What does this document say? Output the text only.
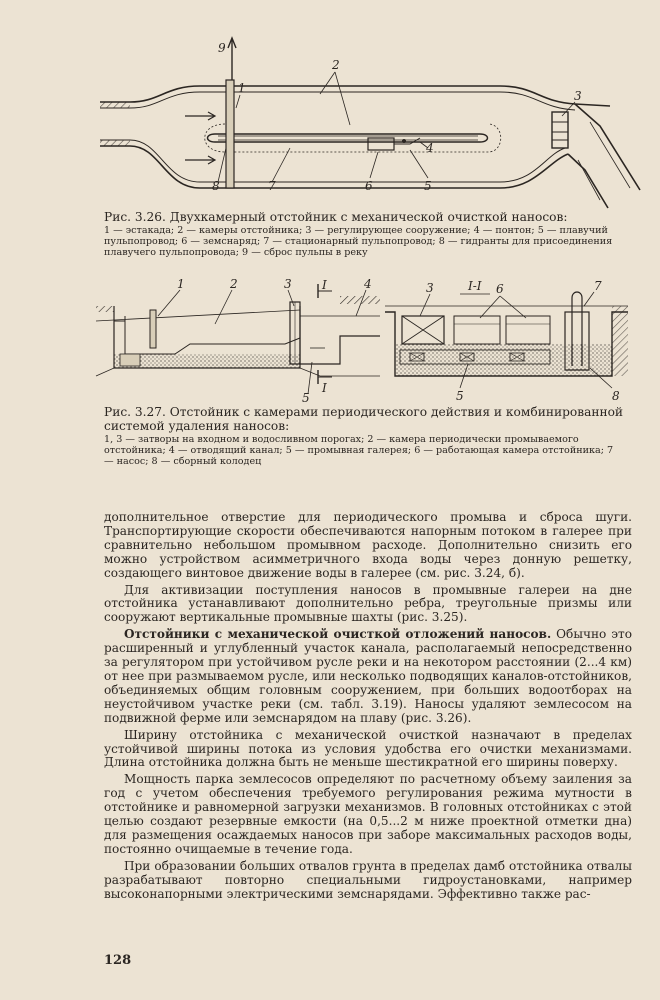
1
2
3
4
5
6
7
8
9

Рис. 3.26. Двухкамерный отстойник с механической очисткой наносов:

1 — эстакада; 2 — камеры отстойника; 3 — регулирующее сооружение; 4 — понтон; 5 — плавучий пульпопровод; 6 — земснаряд; 7 — стационарный пульпопровод; 8 — гидранты для присоединения плавучего пульпопровода; 9 — сброс пульпы в реку

1	2	3	4
5
I
I
I-I
3	6	7
8
5

Рис. 3.27. Отстойник с камерами периодического действия и комбинированной системой удаления наносов:

1, 3 — затворы на входном и водосливном порогах; 2 — камера периодически промываемого отстойника; 4 — отводящий канал; 5 — промывная галерея; 6 — работающая камера отстойника; 7 — насос; 8 — сборный колодец

дополнительное отверстие для периодического промыва и сброса шуги. Транспортирующие скорости обеспечиваются напорным потоком в галерее при сравнительно небольшом промывном расходе. Дополнительно снизить его можно устройством асимметричного входа воды через донную решетку, создающего винтовое движение воды в галерее (см. рис. 3.24, б).

Для активизации поступления наносов в промывные галереи на дне отстойника устанавливают дополнительно ребра, треугольные призмы или сооружают вертикальные промывные шахты (рис. 3.25).

Отстойники с механической очисткой отложений наносов. Обычно это расширенный и углубленный участок канала, располагаемый непосредственно за регулятором при устойчивом русле реки и на некотором расстоянии (2...4 км) от нее при размываемом русле, или несколько подводящих каналов-отстойников, объединяемых общим головным сооружением, при больших водоотборах на неустойчивом участке реки (см. табл. 3.19). Наносы удаляют землесосом на подвижной ферме или земснарядом на плаву (рис. 3.26).

Ширину отстойника с механической очисткой назначают в пределах устойчивой ширины потока из условия удобства его очистки механизмами. Длина отстойника должна быть не меньше шестикратной его ширины поверху.

Мощность парка землесосов определяют по расчетному объему заиления за год с учетом обеспечения требуемого регулирования режима мутности в отстойнике и равномерной загрузки механизмов. В головных отстойниках с этой целью создают резервные емкости (на 0,5...2 м ниже проектной отметки дна) для размещения осаждаемых наносов при заборе максимальных расходов воды, постоянно очищаемые в течение года.

При образовании больших отвалов грунта в пределах дамб отстойника отвалы разрабатывают повторно специальными гидроустановками, например высоконапорными электрическими земснарядами. Эффективно также рас-

128
